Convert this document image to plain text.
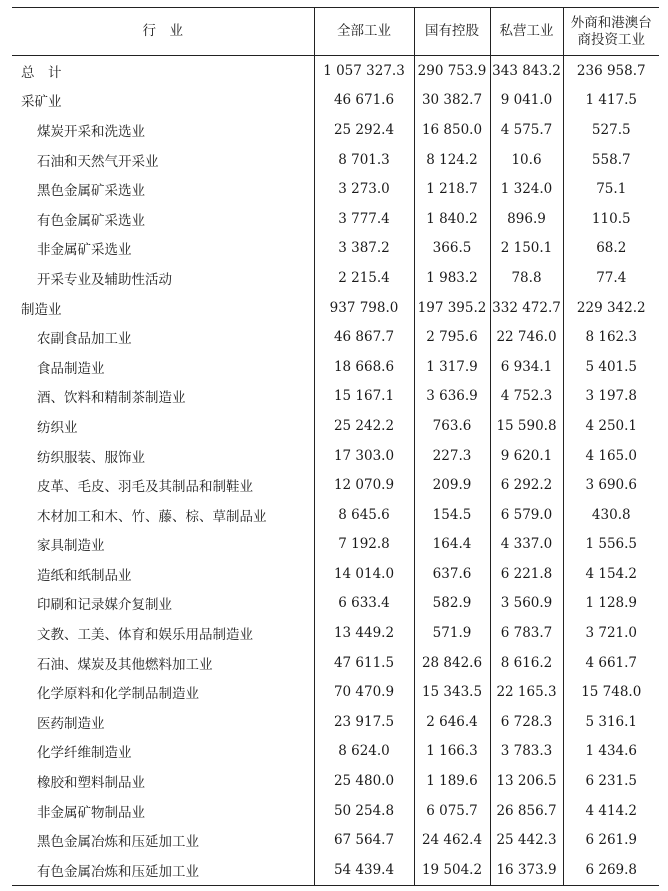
行　业	全部工业	国有控股	私营工业	外商和港澳台
商投资工业
总　计	1 057 327.3	290 753.9	343 843.2	236 958.7
采矿业	46 671.6	30 382.7	9 041.0	1 417.5
煤炭开采和洗选业	25 292.4	16 850.0	4 575.7	527.5
石油和天然气开采业	8 701.3	8 124.2	10.6	558.7
黑色金属矿采选业	3 273.0	1 218.7	1 324.0	75.1
有色金属矿采选业	3 777.4	1 840.2	896.9	110.5
非金属矿采选业	3 387.2	366.5	2 150.1	68.2
开采专业及辅助性活动	2 215.4	1 983.2	78.8	77.4
制造业	937 798.0	197 395.2	332 472.7	229 342.2
农副食品加工业	46 867.7	2 795.6	22 746.0	8 162.3
食品制造业	18 668.6	1 317.9	6 934.1	5 401.5
酒、饮料和精制茶制造业	15 167.1	3 636.9	4 752.3	3 197.8
纺织业	25 242.2	763.6	15 590.8	4 250.1
纺织服装、服饰业	17 303.0	227.3	9 620.1	4 165.0
皮革、毛皮、羽毛及其制品和制鞋业	12 070.9	209.9	6 292.2	3 690.6
木材加工和木、竹、藤、棕、草制品业	8 645.6	154.5	6 579.0	430.8
家具制造业	7 192.8	164.4	4 337.0	1 556.5
造纸和纸制品业	14 014.0	637.6	6 221.8	4 154.2
印刷和记录媒介复制业	6 633.4	582.9	3 560.9	1 128.9
文教、工美、体育和娱乐用品制造业	13 449.2	571.9	6 783.7	3 721.0
石油、煤炭及其他燃料加工业	47 611.5	28 842.6	8 616.2	4 661.7
化学原料和化学制品制造业	70 470.9	15 343.5	22 165.3	15 748.0
医药制造业	23 917.5	2 646.4	6 728.3	5 316.1
化学纤维制造业	8 624.0	1 166.3	3 783.3	1 434.6
橡胶和塑料制品业	25 480.0	1 189.6	13 206.5	6 231.5
非金属矿物制品业	50 254.8	6 075.7	26 856.7	4 414.2
黑色金属冶炼和压延加工业	67 564.7	24 462.4	25 442.3	6 261.9
有色金属冶炼和压延加工业	54 439.4	19 504.2	16 373.9	6 269.8
